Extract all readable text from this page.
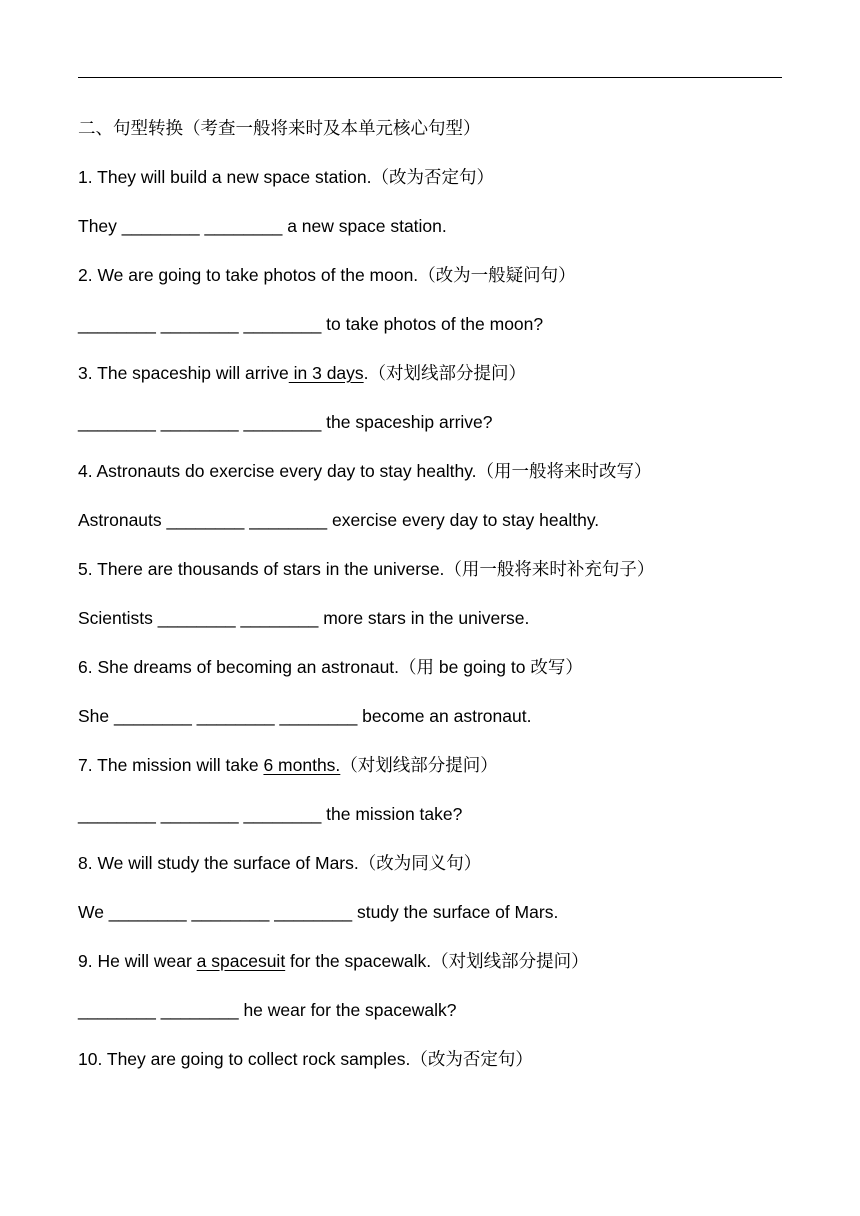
二、句型转换（考查一般将来时及本单元核心句型）
1. They will build a new space station.（改为否定句）
They ________ ________ a new space station.
2. We are going to take photos of the moon.（改为一般疑问句）
________ ________ ________ to take photos of the moon?
3. The spaceship will arrive in 3 days.（对划线部分提问）
________ ________ ________ the spaceship arrive?
4. Astronauts do exercise every day to stay healthy.（用一般将来时改写）
Astronauts ________ ________ exercise every day to stay healthy.
5. There are thousands of stars in the universe.（用一般将来时补充句子）
Scientists ________ ________ more stars in the universe.
6. She dreams of becoming an astronaut.（用 be going to 改写）
She ________ ________ ________ become an astronaut.
7. The mission will take 6 months.（对划线部分提问）
________ ________ ________ the mission take?
8. We will study the surface of Mars.（改为同义句）
We ________ ________ ________ study the surface of Mars.
9. He will wear a spacesuit for the spacewalk.（对划线部分提问）
________ ________ he wear for the spacewalk?
10. They are going to collect rock samples.（改为否定句）
